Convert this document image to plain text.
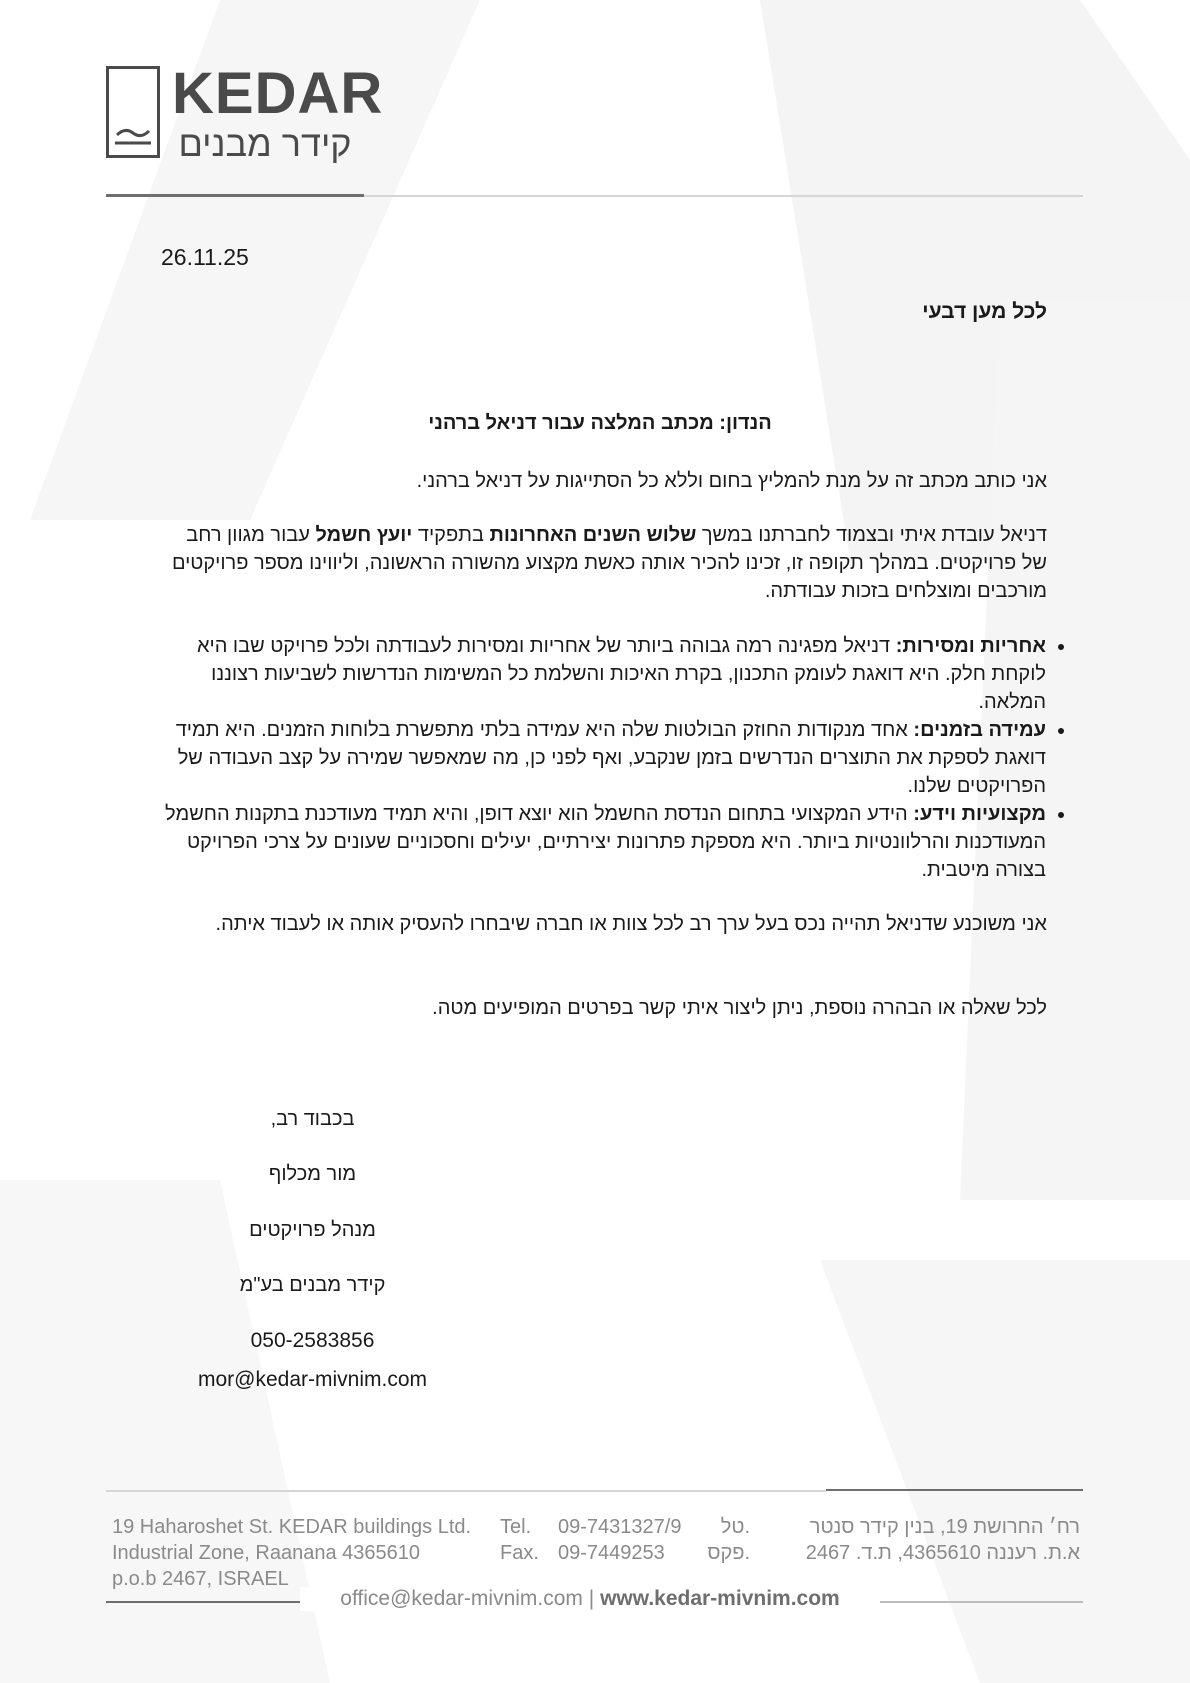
KEDAR
קידר מבנים
26.11.25
לכל מען דבעי
הנדון: מכתב המלצה עבור דניאל ברהני
אני כותב מכתב זה על מנת להמליץ בחום וללא כל הסתייגות על דניאל ברהני.
דניאל עובדת איתי ובצמוד לחברתנו במשך שלוש השנים האחרונות בתפקיד יועץ חשמל עבור מגוון רחב של פרויקטים. במהלך תקופה זו, זכינו להכיר אותה כאשת מקצוע מהשורה הראשונה, וליווינו מספר פרויקטים מורכבים ומוצלחים בזכות עבודתה.
• אחריות ומסירות: דניאל מפגינה רמה גבוהה ביותר של אחריות ומסירות לעבודתה ולכל פרויקט שבו היא לוקחת חלק. היא דואגת לעומק התכנון, בקרת האיכות והשלמת כל המשימות הנדרשות לשביעות רצוננו המלאה.
• עמידה בזמנים: אחד מנקודות החוזק הבולטות שלה היא עמידה בלתי מתפשרת בלוחות הזמנים. היא תמיד דואגת לספקת את התוצרים הנדרשים בזמן שנקבע, ואף לפני כן, מה שמאפשר שמירה על קצב העבודה של הפרויקטים שלנו.
• מקצועיות וידע: הידע המקצועי בתחום הנדסת החשמל הוא יוצא דופן, והיא תמיד מעודכנת בתקנות החשמל המעודכנות והרלוונטיות ביותר. היא מספקת פתרונות יצירתיים, יעילים וחסכוניים שעונים על צרכי הפרויקט בצורה מיטבית.
אני משוכנע שדניאל תהייה נכס בעל ערך רב לכל צוות או חברה שיבחרו להעסיק אותה או לעבוד איתה.
לכל שאלה או הבהרה נוספת, ניתן ליצור איתי קשר בפרטים המופיעים מטה.
בכבוד רב,
מור מכלוף
מנהל פרויקטים
קידר מבנים בע"מ
050-2583856
mor@kedar-mivnim.com
19 Haharoshet St. KEDAR buildings Ltd.
Industrial Zone, Raanana 4365610
p.o.b 2467, ISRAEL
Tel. 09-7431327/9 טל.
Fax. 09-7449253 פקס.
רח׳ החרושת 19, בנין קידר סנטר
א.ת. רעננה 4365610, ת.ד. 2467
office@kedar-mivnim.com | www.kedar-mivnim.com
